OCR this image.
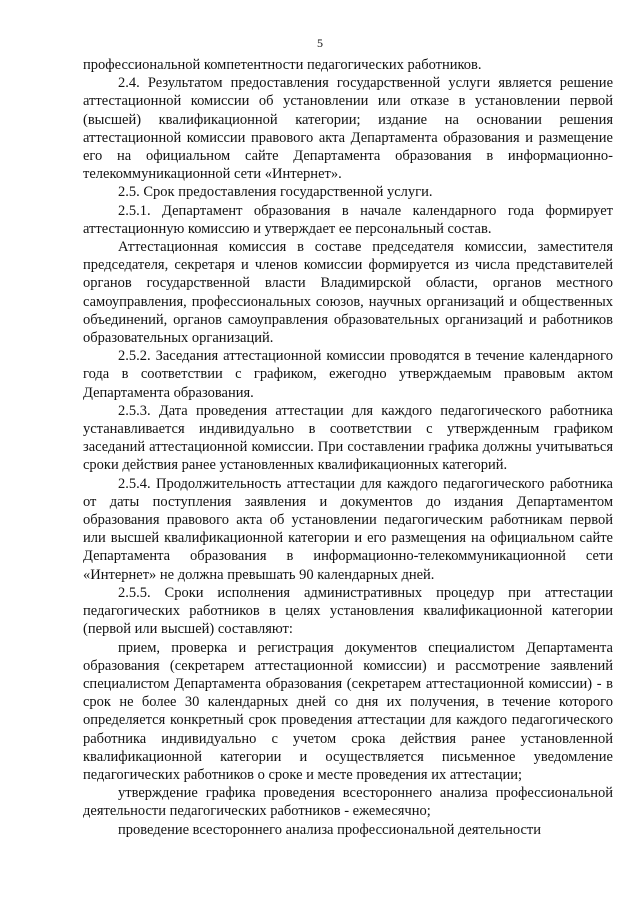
5

профессиональной компетентности педагогических работников.

2.4. Результатом предоставления государственной услуги является решение аттестационной комиссии об установлении или отказе в установлении первой (высшей) квалификационной категории; издание на основании решения аттестационной комиссии правового акта Департамента образования и размещение его на официальном сайте Департамента образования в информационно-телекоммуникационной сети «Интернет».

2.5. Срок предоставления государственной услуги.

2.5.1. Департамент образования в начале календарного года формирует аттестационную комиссию и утверждает ее персональный состав.

Аттестационная комиссия в составе председателя комиссии, заместителя председателя, секретаря и членов комиссии формируется из числа представителей органов государственной власти Владимирской области, органов местного самоуправления, профессиональных союзов, научных организаций и общественных объединений, органов самоуправления образовательных организаций и работников образовательных организаций.

2.5.2. Заседания аттестационной комиссии проводятся в течение календарного года в соответствии с графиком, ежегодно утверждаемым правовым актом Департамента образования.

2.5.3. Дата проведения аттестации для каждого педагогического работника устанавливается индивидуально в соответствии с утвержденным графиком заседаний аттестационной комиссии. При составлении графика должны учитываться сроки действия ранее установленных квалификационных категорий.

2.5.4. Продолжительность аттестации для каждого педагогического работника от даты поступления заявления и документов до издания Департаментом образования правового акта об установлении педагогическим работникам первой или высшей квалификационной категории и его размещения на официальном сайте Департамента образования в информационно-телекоммуникационной сети «Интернет» не должна превышать 90 календарных дней.

2.5.5. Сроки исполнения административных процедур при аттестации педагогических работников в целях установления квалификационной категории (первой или высшей) составляют:

прием, проверка и регистрация документов специалистом Департамента образования (секретарем аттестационной комиссии) и рассмотрение заявлений специалистом Департамента образования (секретарем аттестационной комиссии) - в срок не более 30 календарных дней со дня их получения, в течение которого определяется конкретный срок проведения аттестации для каждого педагогического работника индивидуально с учетом срока действия ранее установленной квалификационной категории и осуществляется письменное уведомление педагогических работников о сроке и месте проведения их аттестации;

утверждение графика проведения всестороннего анализа профессиональной деятельности педагогических работников - ежемесячно;

проведение всестороннего анализа профессиональной деятельности
